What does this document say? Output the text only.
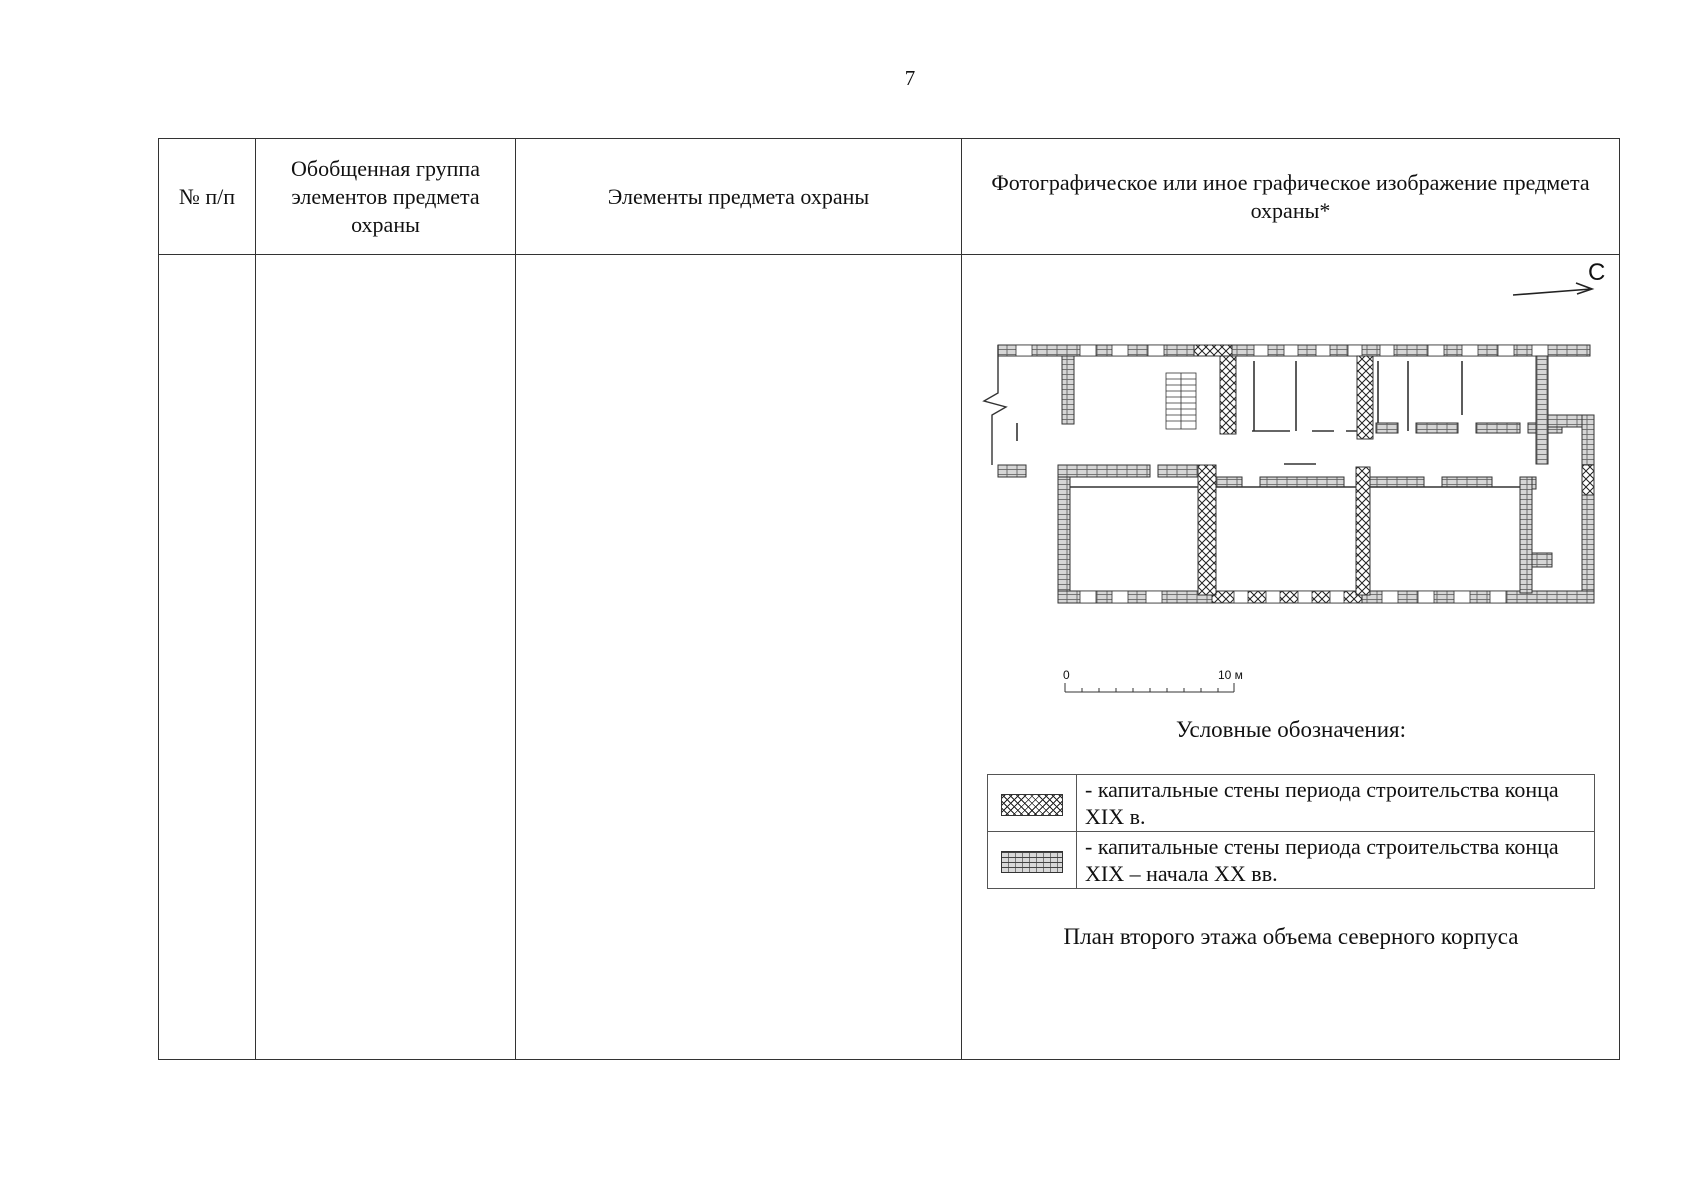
7
№ п/п	Обобщенная группа элементов предмета охраны	Элементы предмета охраны	Фотографическое или иное графическое изображение предмета охраны*

С
0	10 м
Условные обозначения:
	- капитальные стены периода строительства конца XIX в.
	- капитальные стены периода строительства конца XIX – начала XX вв.
План второго этажа объема северного корпуса
